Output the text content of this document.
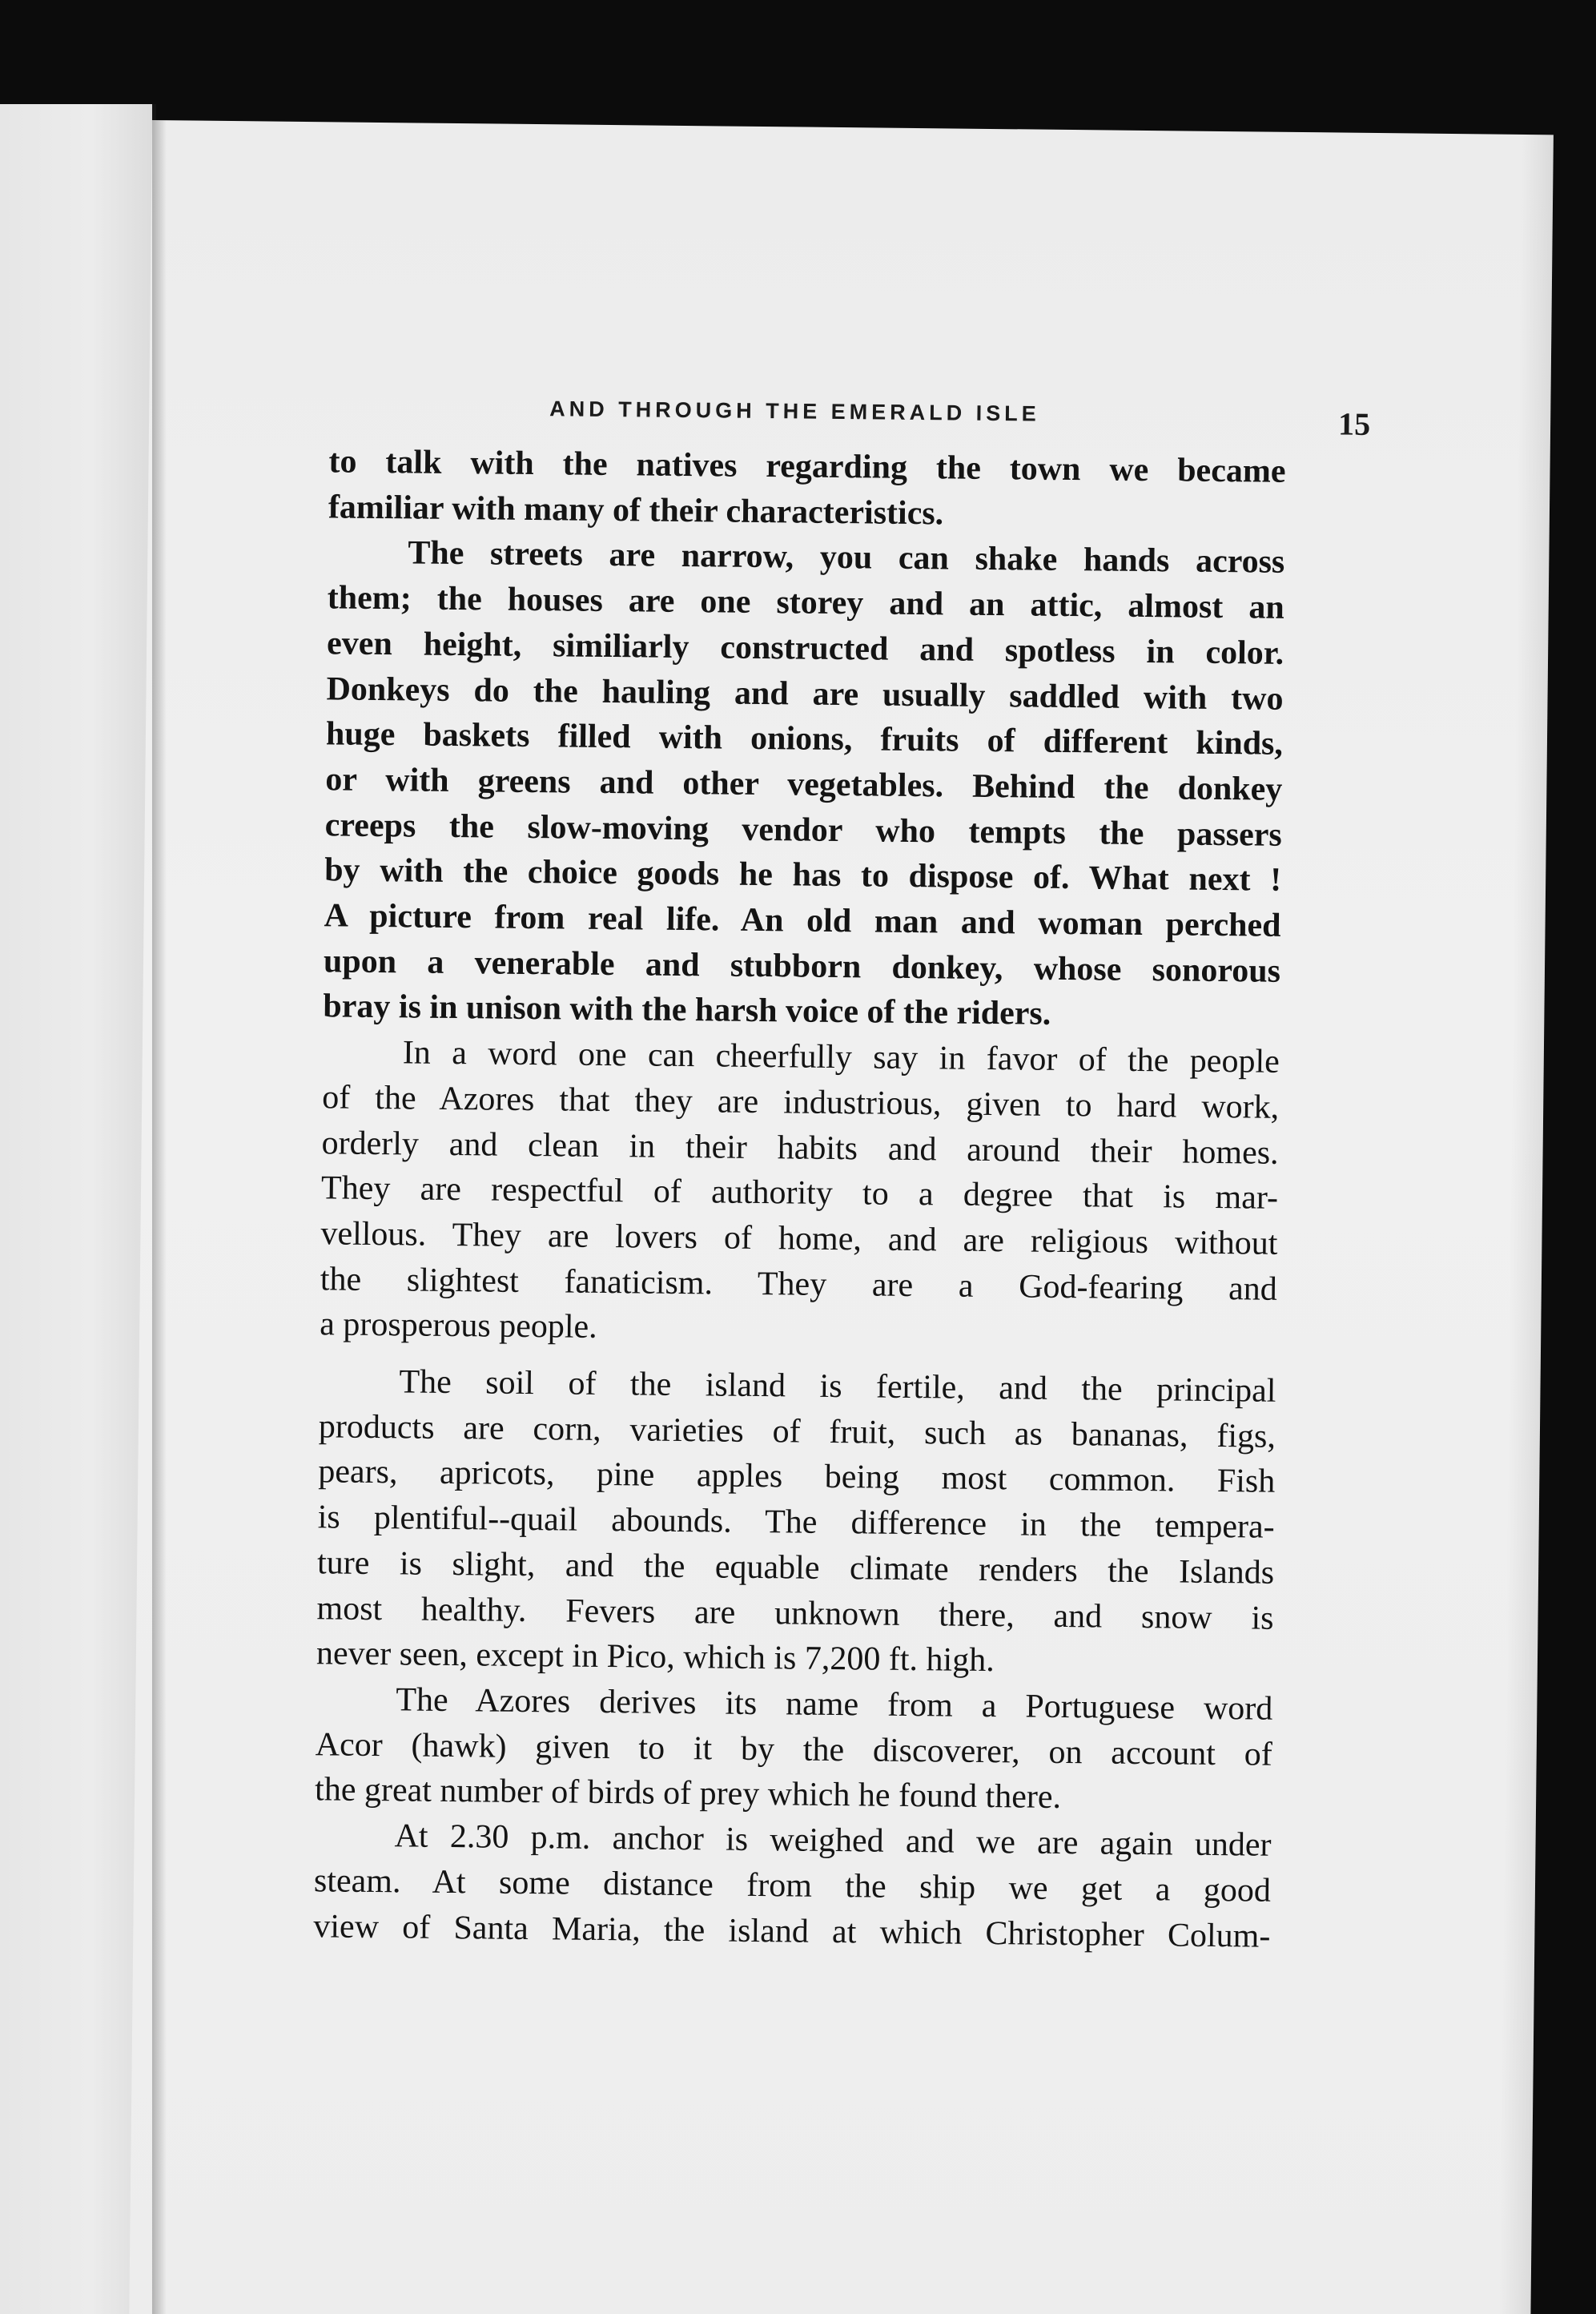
AND THROUGH THE EMERALD ISLE	15

to talk with the natives regarding the town we became
familiar with many of their characteristics.

The streets are narrow, you can shake hands across
them; the houses are one storey and an attic, almost an
even height, similiarly constructed and spotless in color.
Donkeys do the hauling and are usually saddled with two
huge baskets filled with onions, fruits of different kinds,
or with greens and other vegetables. Behind the donkey
creeps the slow-moving vendor who tempts the passers
by with the choice goods he has to dispose of. What next !
A picture from real life. An old man and woman perched
upon a venerable and stubborn donkey, whose sonorous
bray is in unison with the harsh voice of the riders.

In a word one can cheerfully say in favor of the people
of the Azores that they are industrious, given to hard work,
orderly and clean in their habits and around their homes.
They are respectful of authority to a degree that is mar-
vellous. They are lovers of home, and are religious without
the slightest fanaticism. They are a God-fearing and
a prosperous people.

The soil of the island is fertile, and the principal
products are corn, varieties of fruit, such as bananas, figs,
pears, apricots, pine apples being most common. Fish
is plentiful--quail abounds. The difference in the tempera-
ture is slight, and the equable climate renders the Islands
most healthy. Fevers are unknown there, and snow is
never seen, except in Pico, which is 7,200 ft. high.

The Azores derives its name from a Portuguese word
Acor (hawk) given to it by the discoverer, on account of
the great number of birds of prey which he found there.

At 2.30 p.m. anchor is weighed and we are again under
steam. At some distance from the ship we get a good
view of Santa Maria, the island at which Christopher Colum-
